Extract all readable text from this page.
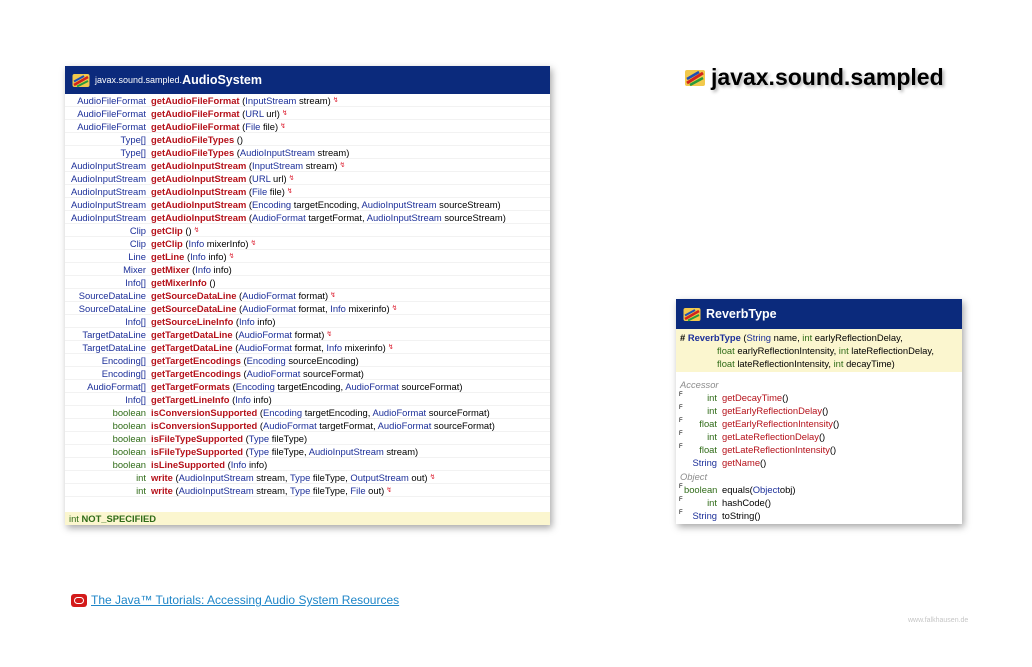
javax.sound.sampled
javax.sound.sampled. AudioSystem
AudioFileFormat getAudioFileFormat (InputStream stream) ↯
AudioFileFormat getAudioFileFormat (URL url) ↯
AudioFileFormat getAudioFileFormat (File file) ↯
Type[] getAudioFileTypes ()
Type[] getAudioFileTypes (AudioInputStream stream)
AudioInputStream getAudioInputStream (InputStream stream) ↯
AudioInputStream getAudioInputStream (URL url) ↯
AudioInputStream getAudioInputStream (File file) ↯
AudioInputStream getAudioInputStream (Encoding targetEncoding, AudioInputStream sourceStream)
AudioInputStream getAudioInputStream (AudioFormat targetFormat, AudioInputStream sourceStream)
Clip getClip () ↯
Clip getClip (Info mixerInfo) ↯
Line getLine (Info info) ↯
Mixer getMixer (Info info)
Info[] getMixerInfo ()
SourceDataLine getSourceDataLine (AudioFormat format) ↯
SourceDataLine getSourceDataLine (AudioFormat format, Info mixerinfo) ↯
Info[] getSourceLineInfo (Info info)
TargetDataLine getTargetDataLine (AudioFormat format) ↯
TargetDataLine getTargetDataLine (AudioFormat format, Info mixerinfo) ↯
Encoding[] getTargetEncodings (Encoding sourceEncoding)
Encoding[] getTargetEncodings (AudioFormat sourceFormat)
AudioFormat[] getTargetFormats (Encoding targetEncoding, AudioFormat sourceFormat)
Info[] getTargetLineInfo (Info info)
boolean isConversionSupported (Encoding targetEncoding, AudioFormat sourceFormat)
boolean isConversionSupported (AudioFormat targetFormat, AudioFormat sourceFormat)
boolean isFileTypeSupported (Type fileType)
boolean isFileTypeSupported (Type fileType, AudioInputStream stream)
boolean isLineSupported (Info info)
int write (AudioInputStream stream, Type fileType, OutputStream out) ↯
int write (AudioInputStream stream, Type fileType, File out) ↯
int NOT_SPECIFIED
ReverbType
# ReverbType (String name, int earlyReflectionDelay,
float earlyReflectionIntensity, int lateReflectionDelay,
float lateReflectionIntensity, int decayTime)
Accessor
F	int getDecayTime ()
F	int getEarlyReflectionDelay ()
F	float getEarlyReflectionIntensity ()
F	int getLateReflectionDelay ()
F	float getLateReflectionIntensity ()
String getName ()
Object
F boolean equals ( Object obj)
F	int hashCode ()
F	String toString ()
The Java™ Tutorials: Accessing Audio System Resources
www.falkhausen.de
